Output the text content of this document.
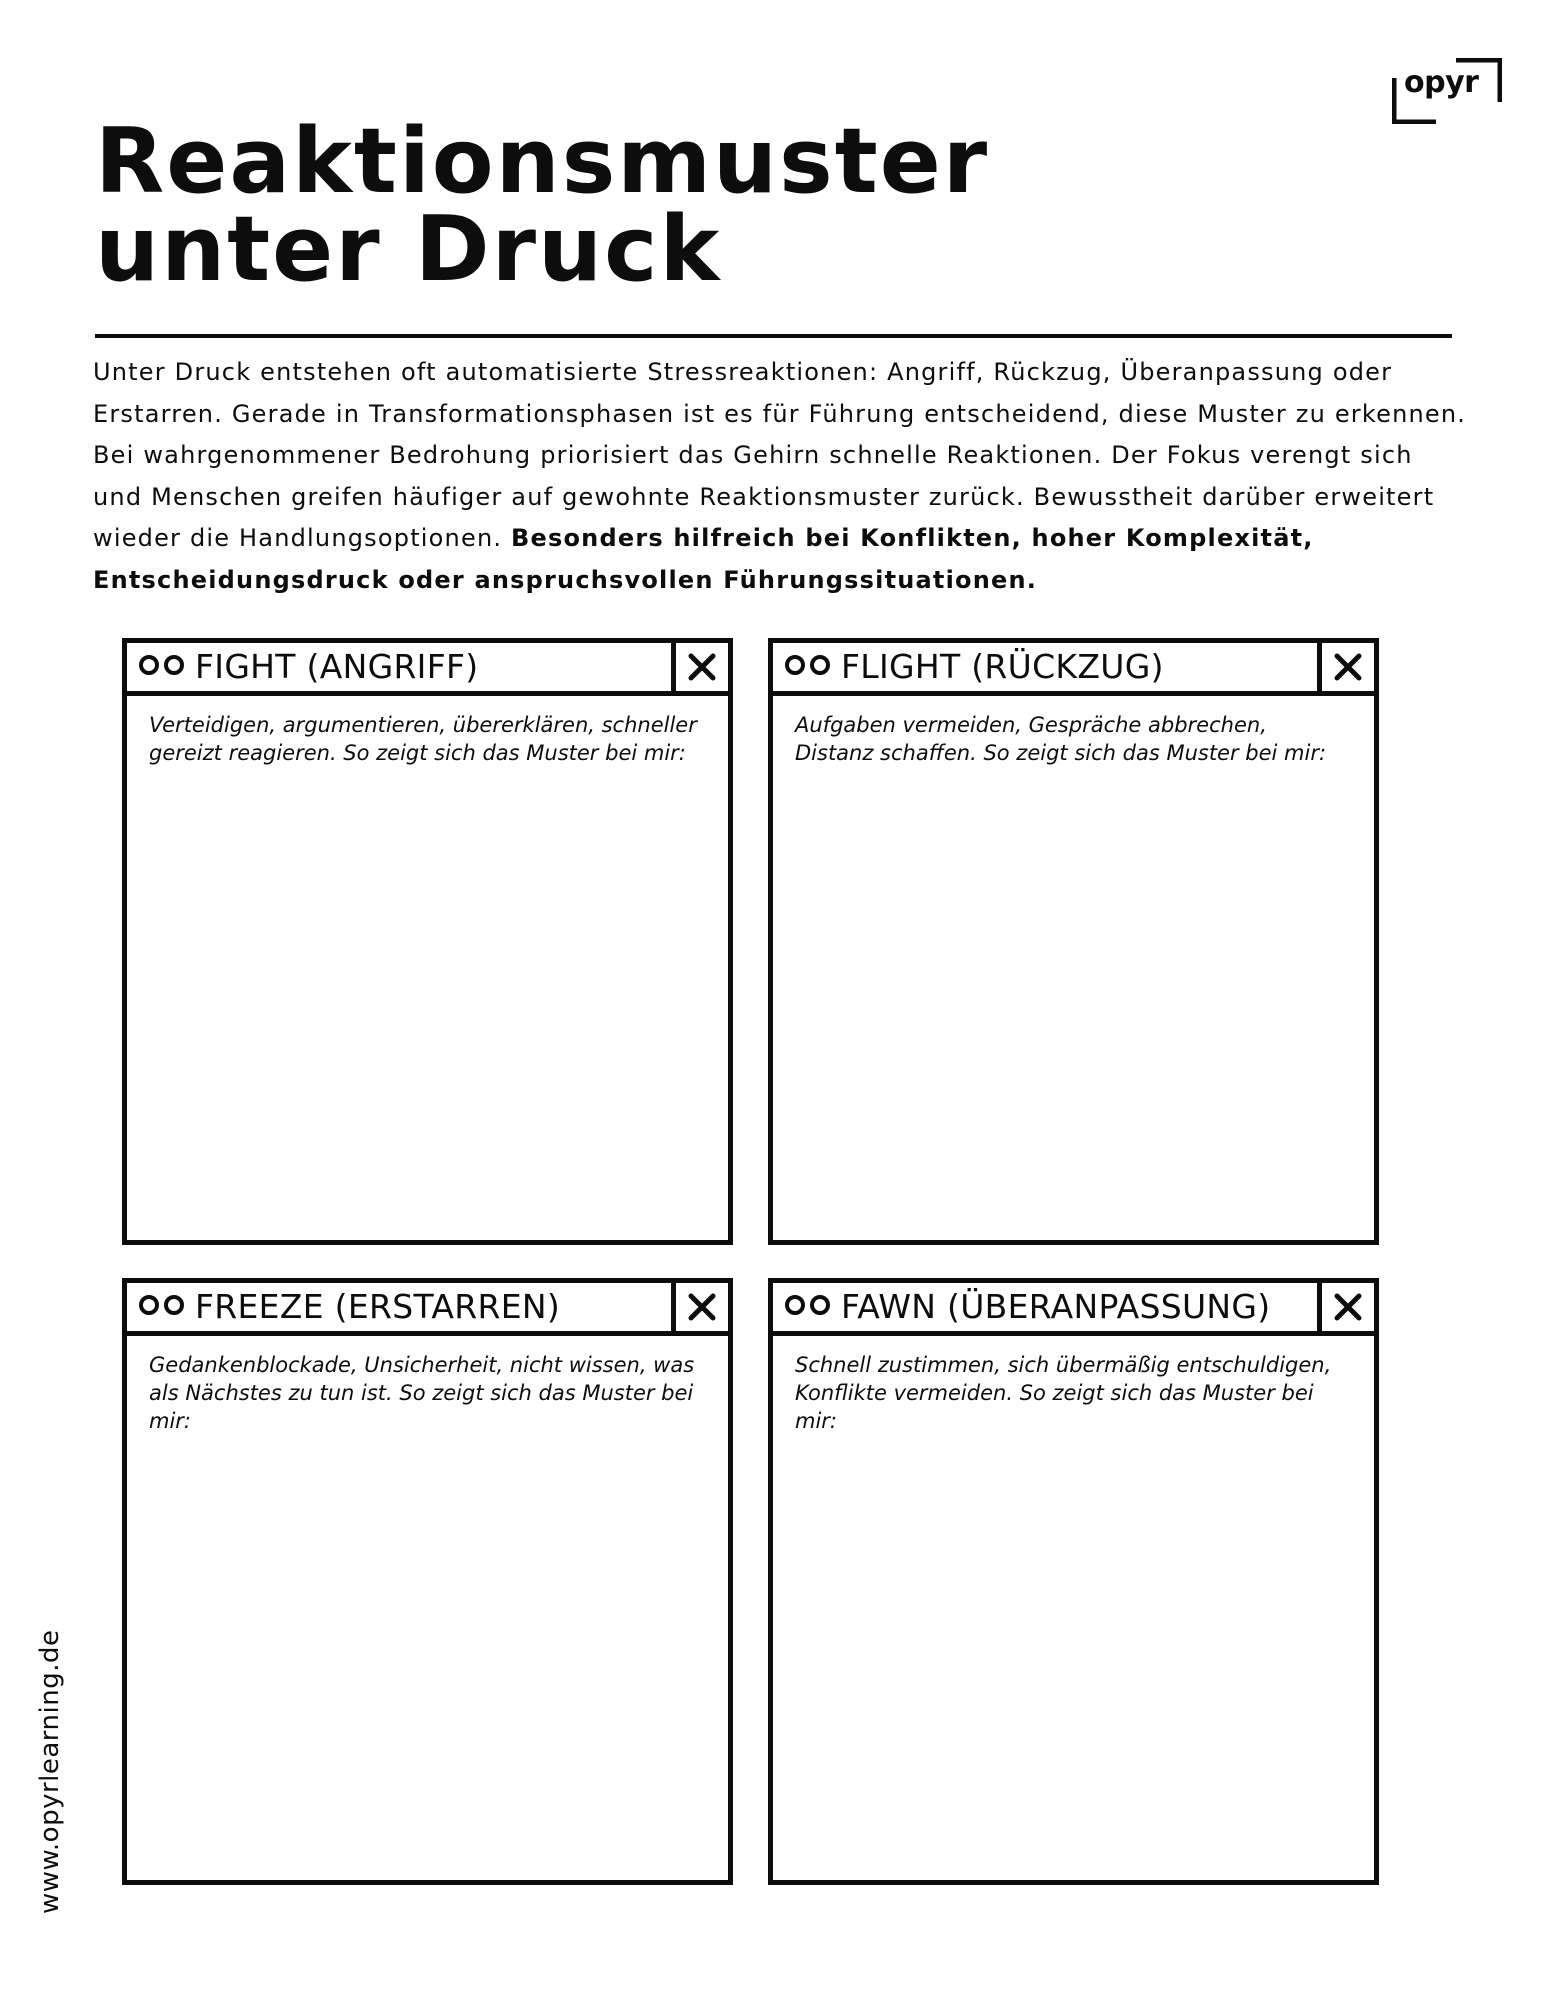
opyr
Reaktionsmuster
unter Druck

Unter Druck entstehen oft automatisierte Stressreaktionen: Angriff, Rückzug, Überanpassung oder Erstarren. Gerade in Transformationsphasen ist es für Führung entscheidend, diese Muster zu erkennen. Bei wahrgenommener Bedrohung priorisiert das Gehirn schnelle Reaktionen. Der Fokus verengt sich und Menschen greifen häufiger auf gewohnte Reaktionsmuster zurück. Bewusstheit darüber erweitert wieder die Handlungsoptionen. Besonders hilfreich bei Konflikten, hoher Komplexität, Entscheidungsdruck oder anspruchsvollen Führungssituationen.

FIGHT (ANGRIFF)

Verteidigen, argumentieren, übererklären, schneller gereizt reagieren. So zeigt sich das Muster bei mir:

FLIGHT (RÜCKZUG)

Aufgaben vermeiden, Gespräche abbrechen, Distanz schaffen. So zeigt sich das Muster bei mir:

FREEZE (ERSTARREN)

Gedankenblockade, Unsicherheit, nicht wissen, was als Nächstes zu tun ist. So zeigt sich das Muster bei mir:

FAWN (ÜBERANPASSUNG)

Schnell zustimmen, sich übermäßig entschuldigen, Konflikte vermeiden. So zeigt sich das Muster bei mir:

www.opyrlearning.de
